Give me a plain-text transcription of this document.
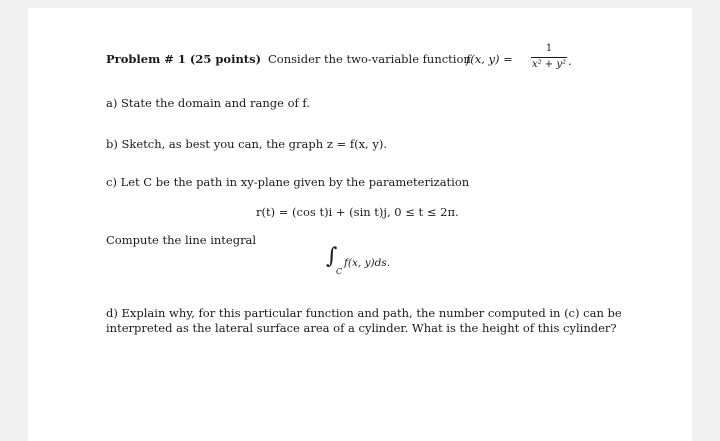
Problem # 1 (25 points) Consider the two-variable function
f(x, y) =
1
x² + y² .
a) State the domain and range of f.
b) Sketch, as best you can, the graph z = f(x, y).
c) Let C be the path in xy-plane given by the parameterization
r(t) = (cos t)i + (sin t)j, 0 ≤ t ≤ 2π.
Compute the line integral
∫
C
f(x, y)ds.
d) Explain why, for this particular function and path, the number computed in (c) can be
interpreted as the lateral surface area of a cylinder. What is the height of this cylinder?
